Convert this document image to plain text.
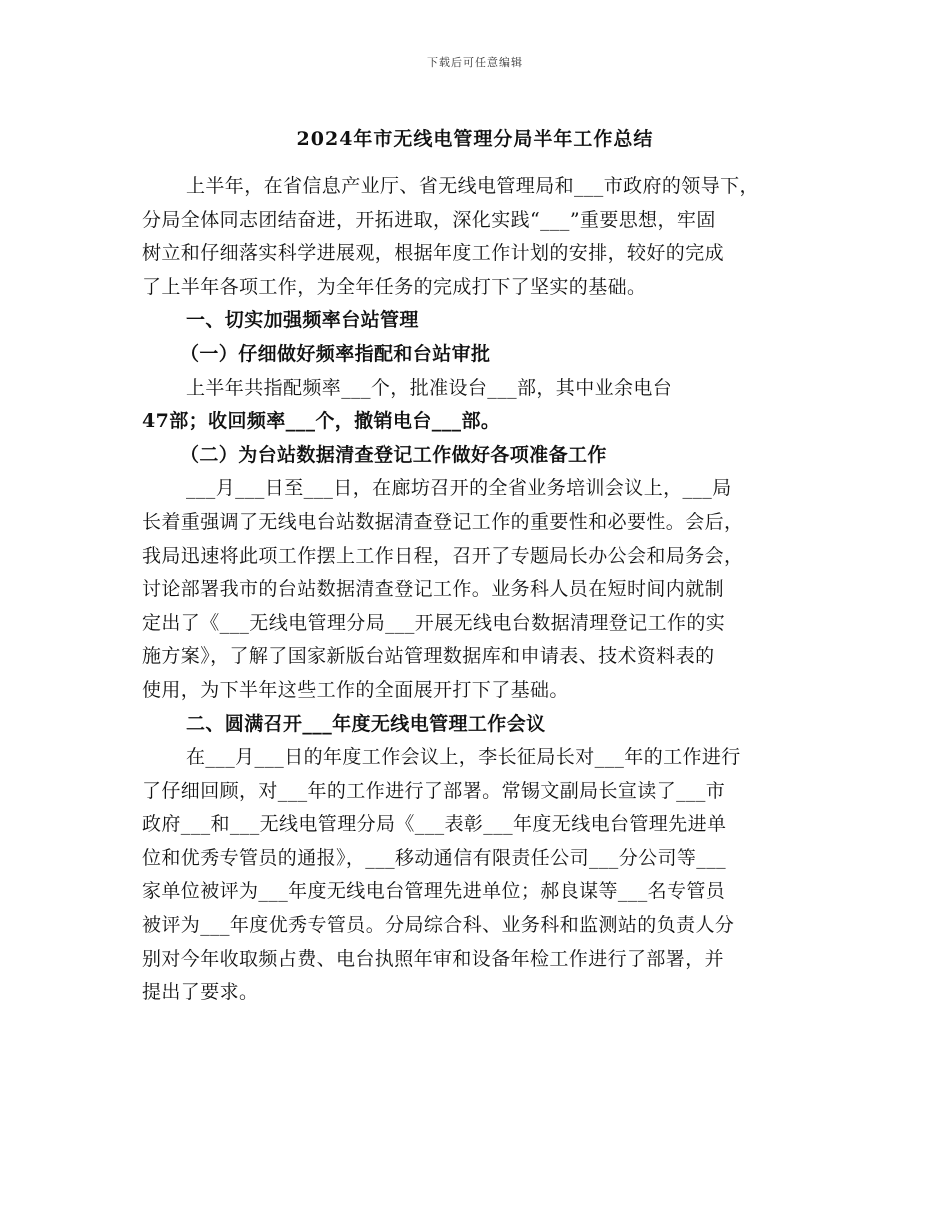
下载后可任意编辑
2024年市无线电管理分局半年工作总结
上半年，在省信息产业厅、省无线电管理局和___市政府的领导下，
分局全体同志团结奋进，开拓进取，深化实践“___”重要思想，牢固
树立和仔细落实科学进展观，根据年度工作计划的安排，较好的完成
了上半年各项工作，为全年任务的完成打下了坚实的基础。
一、切实加强频率台站管理
（一）仔细做好频率指配和台站审批
上半年共指配频率___个，批准设台___部，其中业余电台
47部；收回频率___个，撤销电台___部。
（二）为台站数据清查登记工作做好各项准备工作
___月___日至___日，在廊坊召开的全省业务培训会议上，___局
长着重强调了无线电台站数据清查登记工作的重要性和必要性。会后，
我局迅速将此项工作摆上工作日程，召开了专题局长办公会和局务会，
讨论部署我市的台站数据清查登记工作。业务科人员在短时间内就制
定出了《___无线电管理分局___开展无线电台数据清理登记工作的实
施方案》，了解了国家新版台站管理数据库和申请表、技术资料表的
使用，为下半年这些工作的全面展开打下了基础。
二、圆满召开___年度无线电管理工作会议
在___月___日的年度工作会议上，李长征局长对___年的工作进行
了仔细回顾，对___年的工作进行了部署。常锡文副局长宣读了___市
政府___和___无线电管理分局《___表彰___年度无线电台管理先进单
位和优秀专管员的通报》，___移动通信有限责任公司___分公司等___
家单位被评为___年度无线电台管理先进单位；郝良谋等___名专管员
被评为___年度优秀专管员。分局综合科、业务科和监测站的负责人分
别对今年收取频占费、电台执照年审和设备年检工作进行了部署，并
提出了要求。
